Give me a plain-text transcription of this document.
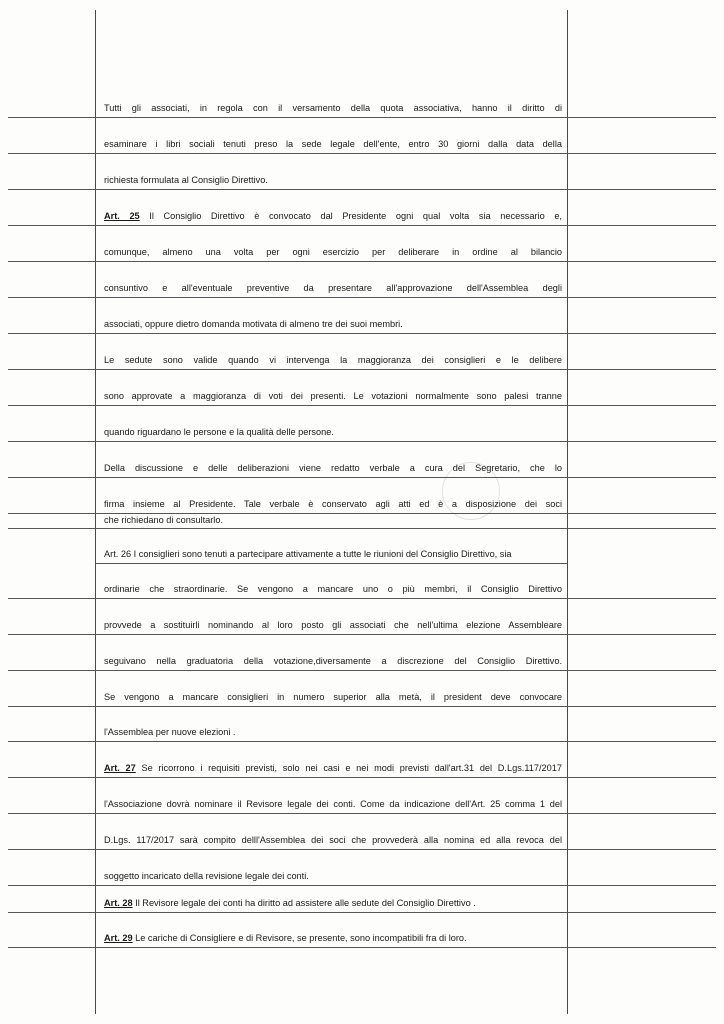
Tutti gli associati, in regola con il versamento della quota associativa, hanno il diritto di
esaminare i libri sociali tenuti preso la sede legale dell'ente, entro 30 giorni dalla data della
richiesta formulata al Consiglio Direttivo.
Art. 25 Il Consiglio Direttivo è convocato dal Presidente ogni qual volta sia necessario e,
comunque, almeno una volta per ogni esercizio per deliberare in ordine al bilancio
consuntivo e all'eventuale preventive da presentare all'approvazione dell'Assemblea degli
associati, oppure dietro domanda motivata di almeno tre dei suoi membri.
Le sedute sono valide quando vi intervenga la maggioranza dei consiglieri e le delibere
sono approvate a maggioranza di voti dei presenti. Le votazioni normalmente sono palesi tranne
quando riguardano le persone e la qualità delle persone.
Della discussione e delle deliberazioni viene redatto verbale a cura del Segretario, che lo
firma insieme al Presidente. Tale verbale è conservato agli atti ed è a disposizione dei soci
che richiedano di consultarlo.
Art. 26 I consiglieri sono tenuti a partecipare attivamente a tutte le riunioni del Consiglio Direttivo, sia
ordinarie che straordinarie. Se vengono a mancare uno o più membri, il Consiglio Direttivo
provvede a sostituirli nominando al loro posto gli associati che nell'ultima elezione Assembleare
seguivano nella graduatoria della votazione,diversamente a discrezione del Consiglio Direttivo.
Se vengono a mancare consiglieri in numero superior alla metà, il president deve convocare
l'Assemblea per nuove elezioni .
Art. 27 Se ricorrono i requisiti previsti, solo nei casi e nei modi previsti dall'art.31 del D.Lgs.117/2017
l'Associazione dovrà nominare il Revisore legale dei conti. Come da indicazione dell'Art. 25 comma 1 del
D.Lgs. 117/2017 sarà compito delll'Assemblea dei soci che provvederà alla nomina ed alla revoca del
soggetto incaricato della revisione legale dei conti.
Art. 28 Il Revisore legale dei conti ha diritto ad assistere alle sedute del Consiglio Direttivo .
Art. 29 Le cariche di Consigliere e di Revisore, se presente, sono incompatibili fra di loro.
